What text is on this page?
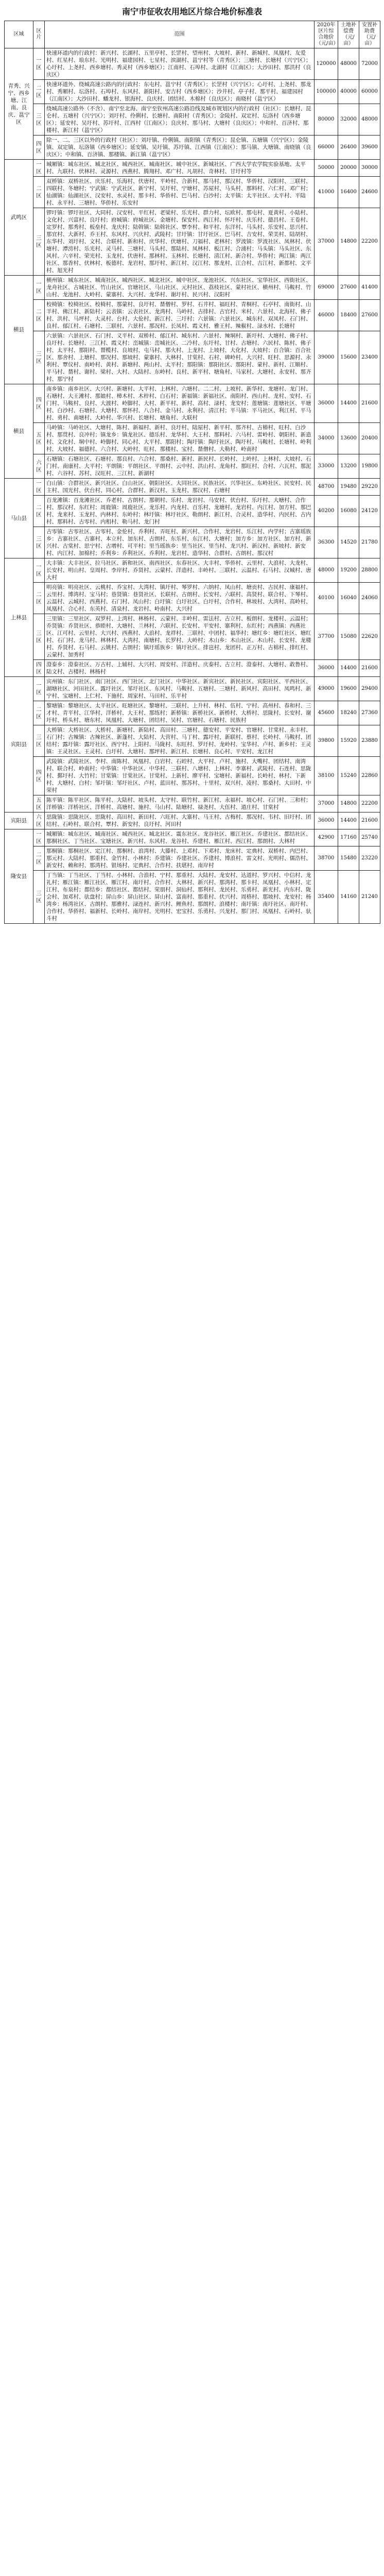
南宁市征收农用地区片综合地价标准表
区域	区片	范围	2020年区片综合地价（元/亩）	土地补偿费（元/亩）	安置补助费（元/亩）
青秀、兴宁、西乡塘、江南、良庆、邕宁区	一区	快速环道内的行政村：新兴村、长湖村、五里亭村、长罡村、望州村、大坡村、新村、新城村、凤凰村、友爱村、红星村、埌东村、光明村、福建园村、七星村、滨湖村、邕宁村等（青秀区）；三塘村、长塘村（兴宁区）；心圩村、上尧村、西乡塘村、秀灵村（西乡塘区）；江南村、石埠村、北湖村（江南区）；大沙田村、那洪村（良庆区）	120000	48000	72000
	二区	快速环道外、绕城高速公路内的行政村：东屯村、邕宁村（青秀区）；长罡村（兴宁区）；心圩村、上尧村、那龙村、秀厢村、坛洛村、石埠村、东风村、新阳村、安吉村（西乡塘区）；沙井村、亭子村、那平村、福建园村（江南区）；大沙田村、蟠龙村、银海村、良庆村、团结村、木棉村（良庆区）；南晓村（邕宁区）	100000	40000	60000
	三区	绕城高速公路外（不含）、南宁至北海、南宁至钦州高速公路沿线及城市规划区内的行政村（社区）：长塘村、昆仑村、五塘村（兴宁区）；刘圩村、伶俐村、长塘村、南阳村（青秀区）；金陵村、双定村、坛洛村（西乡塘区）；延安村、吴圩村、苏圩村、江西村（江南区）；良庆村、那马村、大塘村（良庆区）；中和村、百济村、那楼村、新江村（邕宁区）	80000	32000	48000
	四区	除一、二、三区以外的行政村（社区）：刘圩镇、伶俐镇、南阳镇（青秀区）；昆仑镇、五塘镇（兴宁区）；金陵镇、双定镇、坛洛镇（西乡塘区）；延安镇、吴圩镇、苏圩镇、江西镇（江南区）；那马镇、大塘镇、南晓镇（良庆区）；中和镇、百济镇、那楼镇、新江镇（邕宁区）	66000	26400	39600
武鸣区	一区	城厢镇：城东社区、城北社区、城西社区、城南社区、城中社区、新城社区、广西大学农学院实验基地、太平村、九联村、伏林村、灵源村、西燕村、腾翔村、邓广村、凡胡村、奇林村、甘圩村等	50000	20000	30000
	二区	双桥镇：双桥社区、庆乐村、乐海村、伏唐村、平岭村、合新村、那马村、那汉村、华侨村、汉阳村、三联村、四联村、冬塘村；宁武镇：宁武社区、新宁村、吴圩村、宁塘村、苏屋村、马头村、那料村、六仁村、邓广村；仙湖镇：仙湖社区、汉安村、水灵村、那卡村、华侨村、巴马村、白沙村；太平镇：太平社区、太平村、平陆村、永平村、三塘村、华侨村、乐安村	41000	16400	24600
	三区	锣圩镇：锣圩社区、大同村、汉安村、平红村、老梁村、乐光村、群力村、坛欧村、那屯村、夏黄村、小陆村、文化村、兴富村、良圩村；府城镇：府城社区、金塘村、保安村、西江村、怀圩村、庆乐村、德昌村、王卷村、定罗村、那秀村、板垒村、龙庆村；陆斡镇：陆斡社区、覃李村、和平村、东洋村、马头村、乐安村、思兴村、那宜村、大新村、乔王村、东风村、兴庆村、武陵村；甘圩镇：甘圩社区、巴马村、吉安村、荣美村、陆胡村、东华村、刘圩村、文村、合联村、新和村、庆华村、伏塘村、刀福村、老林村；罗波镇：罗波社区、凤林村、伏塘村、潭滂村、乐光村、灵马村、三塘村、马头村、那陆村、凤林村、板江村、合浦村；马头镇：马头社区、东风村、六辛村、荣光村、玉龙村、伏唐村、那林村、玉林村、长塘村、清江村、新合村、华侨村；两江镇：两江社区、那香村、伏林村、板德村、龙岩村、那圩村、新江村、汉江村、那龙村、江合村、吉江村、新都村、文平村、旭光村	37000	14800	22200
横县	一区	横州镇：城东社区、城南社区、城西社区、城北社区、城中社区、龙池社区、兴东社区、宝华社区、西街社区、龙舟社区、古城社区、竹山社区、官塘社区、马山社区、元村社区、荔枝社区、蒙村社区、横州村、马鞍村、竹山村、龙池村、大岭村、蒙寨村、大兴村、龙华村、谢圩村、民兴村、汉阳村	69000	27600	41400
	二区	校椅镇：校椅社区、校椅村、那蒙村、良圩村、榃僧村、罗村、石井村、福旺村、青桐村、石亭村、南街村、山羊村、佛江村、新陆村；云表镇：云表社区、龙湾村、马岭村、古排村、古官村、米村、六景村、北海村、佛子村、洪村、马坪村、大灵村、台村、大伦村、新江村、三圩村；六景镇：六景社区、城东村、双凤村、石门村、良村、郁江村、石塘村、三联村、六景村、那况村、长凤村、霞义村、雅王村、辣椒村、渌水村、长塘村	46000	18400	27600
	三区	六景镇：六景社区、石门村、义平村、双桥村、郁江村、城东村、六景村、辣垌村、新圩村、大塘村、佛子村、良圩村、长塘村、三江村、霞义村；峦城镇：峦城社区、二冷村、东圩村、甘村、古塘村、六民村、陈村、佛子村、太平村、那阳村、榃榄村、良坡村、屯马村、那火村、上龙村、上坡村、大化村、大坡村；百合镇：百合社区、那舍村、上塘村、那况村、那坡村、蒙寨村、大林村、甘棠村、石村、碑岭村、大兴村、旺村、思源村、永利村、覃仪村、南岭村、黄村、新塘村、两山村、太平村；那阳镇：那阳社区、那阳村、蒙村、新村、江顺村、平马村、榃村、谢村、梁村、大村、大陆村、东岭村、良村、新平村、塘角村、马家村、大塘村、永安村、那齐村、那宁村	39000	15600	23400
横县	四区	南乡镇：南乡社区、大兴村、新塘村、大平村、上林村、六塘村、二二村、上坡村、新华村、龙塘村、龙门村、石塘村、大王滩村、那娘村、樟木村、木梓村、白石村；新福镇：新福社区、南阳村、西山村、龙村、安村、石门村、马鞍村、良村、大渡村、岭脚村、大村、新平村、新村、高村、渌村、龙安村；莲塘镇：莲塘社区、平塘村、白沙村、石塘村、大塘村、那怀村、八合村、金马村、永利村、清江村；平马镇：平马社区、利江村、平马村、勇村、南塘村、大岭村、华兴村、长塘村、塘角村、大联村	36000	14400	21600
	五区	马岭镇：马岭社区、大塘村、陈村、新福村、新村、良圩村、陆屋村、新平村、那齐村、古椿村、旺村、白沙村、那贯村、良冲村；镇龙乡：镇龙社区、德乐村、龙华村、大王村、那料村、六马村、雷岭村、朝阳村、新造村、文化村、垌中村、岭脚村、同心村、大平村、那阳村；陶圩镇：陶圩社区、陶圩村、马鞍村、长塘村、岭利村、大坡村、福德村、六合村、大岭村、旺村、那楼村、宝村、榃僧村、大勒村、岭南村	34000	13600	20400
	六区	石塘镇：石塘社区、石塘村、那良村、六合村、那桑村、新村、新民村、长岭村、上岭村、上林村、大坡村、石门村、南康村、大平村；平朗镇：平朗社区、平朗村、云中村、洪山村、龙角村、那旺村、合村、六瓦村、那泥村、六谷村、苏村、汉旺村、三江村、新湖村	33000	13200	19800
马山县	一区	白山镇：合群社区、新兴社区、白山社区、朝阳社区、大同社区、民族社区、兴华社区、东岭社区、民安村、民主村、国光村、伏台村、同心村、合群村、新汉村、玉龙村、那汉村、石塘村	48700	19480	29220
	二区	百龙滩镇：百龙滩社区、乔老村、古朗村、那朝村、乐村、龙岩村、马安村、伏台村、乐圩村、大塘村、合作村、那汉村、东红村；周鹿镇：周鹿社区、龙乐村、内龙村、百乐村、龙塘村、龙岩村、内江村、加方村、那巴村、龙来村、玉龙村、内林村、东岭村；林圩镇：林圩社区、勒朗村、新江村、合灵村、造华村、内民村、古内村、那料村、古零村、内相村、勒马村、龙门村	40200	16080	24120
	三区	古零镇：古零社区、古零村、金伦村、乔利村、弄旺村、新兴村、合作村、龙岩村、乐江村、内学村；古寨瑶族乡：古寨社区、古寨村、本立村、加东村、古朗村、东乐村、东江村、大塘村；加方乡：加方社区、加方村、新兴村、古棠村、思宁村、古增村、可平村；里当瑶族乡：里当社区、里当村、龙兴村、新汉村、新坡村、新安村、内江村、加棉村；乔利乡：乔利社区、乔利村、龙岩村、造华村、合群村、古朗村、那汉村	36300	14520	21780
上林县	一区	大丰镇：大丰社区、拉马社区、新和社区、南西社区、东春社区、大丰村、华侨村、云里村、大浪村、大龙村、长安村、明山村、皇周村、李岸村、乔贤村、云蒙村、洋造村、丰岭村、三联村、云温村、石马村、汉城村、唐大村	48000	19200	28800
	二区	明亮镇：明亮社区、云桃村、乔宝村、大湾村、镇圩村、琴罗村、六纳村、凤山村、塘贡村、古民村、康福村、云里村、博湾村、宝马村；巷贤镇：巷贤社区、长联村、古朗村、长安村、六联村、高贤村、联合村、下琴村、云温村、云城村、西燕村、石门村、凤山村；白圩镇：白圩社区、白圩村、合作村、林坡村、大湾村、高岭村、凤凰村、合心村、东英村、清泉村、龙岩村、岭南村、大兴村	40100	16040	24060
	三区	三里镇：三里社区、双罗村、上湾村、林杨村、云蒙村、丰岭村、雷法村、古立村、板朗村、龙楼村、云温村；乔贤镇：乔贤社区、恭睦村、大塘村、兰林村、六联村、长安村、平安村、寨利村、东红村；西燕镇：西燕社区、江可村、云里村、大兴村、西燕村、大浪村、龙祥村、三联村、中团村、福华村；塘红乡：塘红社区、塘红村、石门村、龙马村、林林村、大湾村、南塘村、长罗村、大岭村；木山乡：木山社区、木山村、长安村、龙楼村、乔贤村、石马村、云姚村、古朗村；镇圩瑶族乡：镇圩社区、排岜村、龙团村、正万村、古棉村、排红村、云蒙村、加秀村	37700	15080	22620
	四区	澄泰乡：澄泰社区、万古村、上辅村、大兴村、周安村、洋造村、庆泰村、古立村、澄泰村、大塘村、敢鲁村、陆文村、古楼村、林杨村	36000	14400	21600
宾阳县	一区	宾州镇：东门社区、南门社区、西门社区、北门社区、中华社区、新宾社区、新民社区、宾阳社区、平西社区、湖塘社区、河田社区、露圩社区、邹圩社区、东风村、马鞍村、五塘村、三塘村、新风村、高田村、凤鸣村、新宁村、宝塘村、上仁村、下施村、周家村、马田村、乐平村	49000	19600	29400
	二区	黎塘镇：黎塘社区、太平社区、旺塘社区、黎塘村、三联村、上升村、林村、伍村、宁村、高州村、春和村、三才村、青平村、江华村、洋桥村、大王村、那练村；新桥镇：新桥社区、新桥村、大桥村、思陇村、长安村、谢圩村、桥头村、塘东村、凤凰村、大塘村、团结村、吴村、官塘村、石塘村、民族村	45600	18240	27360
	三区	大桥镇：大桥社区、大桥村、新塘村、新陆村、高田村、三塘村、德安村、平安村、官塘村、甘棠村、永丰村、石门村；古辣镇：古辣社区、新蓬村、大陆村、大营村、马丁村、露圩村、新联村、蔡村、长岭村、马鞍村、团结村；露圩镇：露圩社区、西宁村、上阳村、马陇村、东旺村、罗圩村、龙岭村、宝华村、卢村、新乡村；王灵镇：王灵社区、王灵村、白圩村、大塘村、那坪村、新江村、长塘村、良心村、平安村、龙江村	39800	15920	23880
	四区	武陵镇：武陵社区、李村、南陈村、凤凰村、白岩村、石崆村、大平村、卢村、施村、大嘴村、团结村、南湾村、联合村、岭南村；中华镇：中华社区、中华村、三联村、八塘村、上林村、李寨村、武陵村、石连村、思陇村、鄞圩村、大竹村；甘棠镇：甘棠社区、甘棠村、上新村、廖平村、宝塘村、新福村、长岭村、林村、下新村、大塘村、白村；邹圩镇：邹圩社区、卢村、蓝田村、那苏村、十里村、双兴村、凌村、那桑村、大田村、中荣村	38100	15240	22860
	五区	陈平镇：陈平社区、陈平村、大陆村、坡头村、太守村、联竹村、新江村、永福村、坡心村、石门村、三和村；洋桥镇：洋桥社区、洋桥村、高塘村、施村、马山村、陆塘村、禄尧村、大伍村、道庄村、甘棠村	37000	14800	22200
宾阳县	六区	思陇镇：思陇社区、思陇村、高田村、新田村、六旺村、大寨村、马王村、古梅村、那况村、韦村、旧圩村、团结村、石岭村、联合村、覃村、新安村、良圩村、河田村	36000	14400	21600
隆安县	一区	城厢镇：城东社区、城南社区、城西社区、城北社区、震东社区、龙谷社区、雁江社区、乔建社区、都结社区、那桐社区、丁当社区、宝塘社区、新兴村、东风村、龙谷村、乔建村、雁江村、西江村、那朗村、大林村	42900	17160	25740
	二区	那桐镇：那桐社区、定江村、那桐村、浪湾村、大滕村、上邓村、下邓村、龙床村、定典村、双桥村、内巴村、那元村、大陆村、那重村、金竹村、小林村；乔建镇：乔建社区、乔建村、博浪村、雷文村、光明村、儒浩村、新安村、赖和村、那湾村、银场村、定典村、合作村、扶堪村、南岸村	38700	15480	23220
	三区	丁当镇：丁当社区、丁当村、小林村、合浪村、宁村、那重村、大陆村、龙安村、达道村、罗兴村、中信村、龙礼村；雁江镇：雁江社区、雁江村、南圩村、合作村、大林村、新兴村、那湾村、那卡村、凤凰村、小林村、定江村、布泉村；都结乡：都结社区、都结村、荣朋村、洞仙村、那利村、龙民村、乐勇村、新光村、内东村、陇会村、加邓村、驮盘村；屏山乡：屏山社区、屏山村、富南村、那重村、伏兴村、周格村、那坡村、龙安村；杨湾乡：杨湾社区、古朗村、那雅村、渌连村、新兴村、鲤鱼村、那朗村、浪楼村；南圩镇：南圩社区、南圩村、合作村、华侨村、福新村、长岭村、南岸村、光明村、宏宝村、乐勇村、兴龙村、那门村、凤凰村、石岭村、驮斗村	35400	14160	21240
